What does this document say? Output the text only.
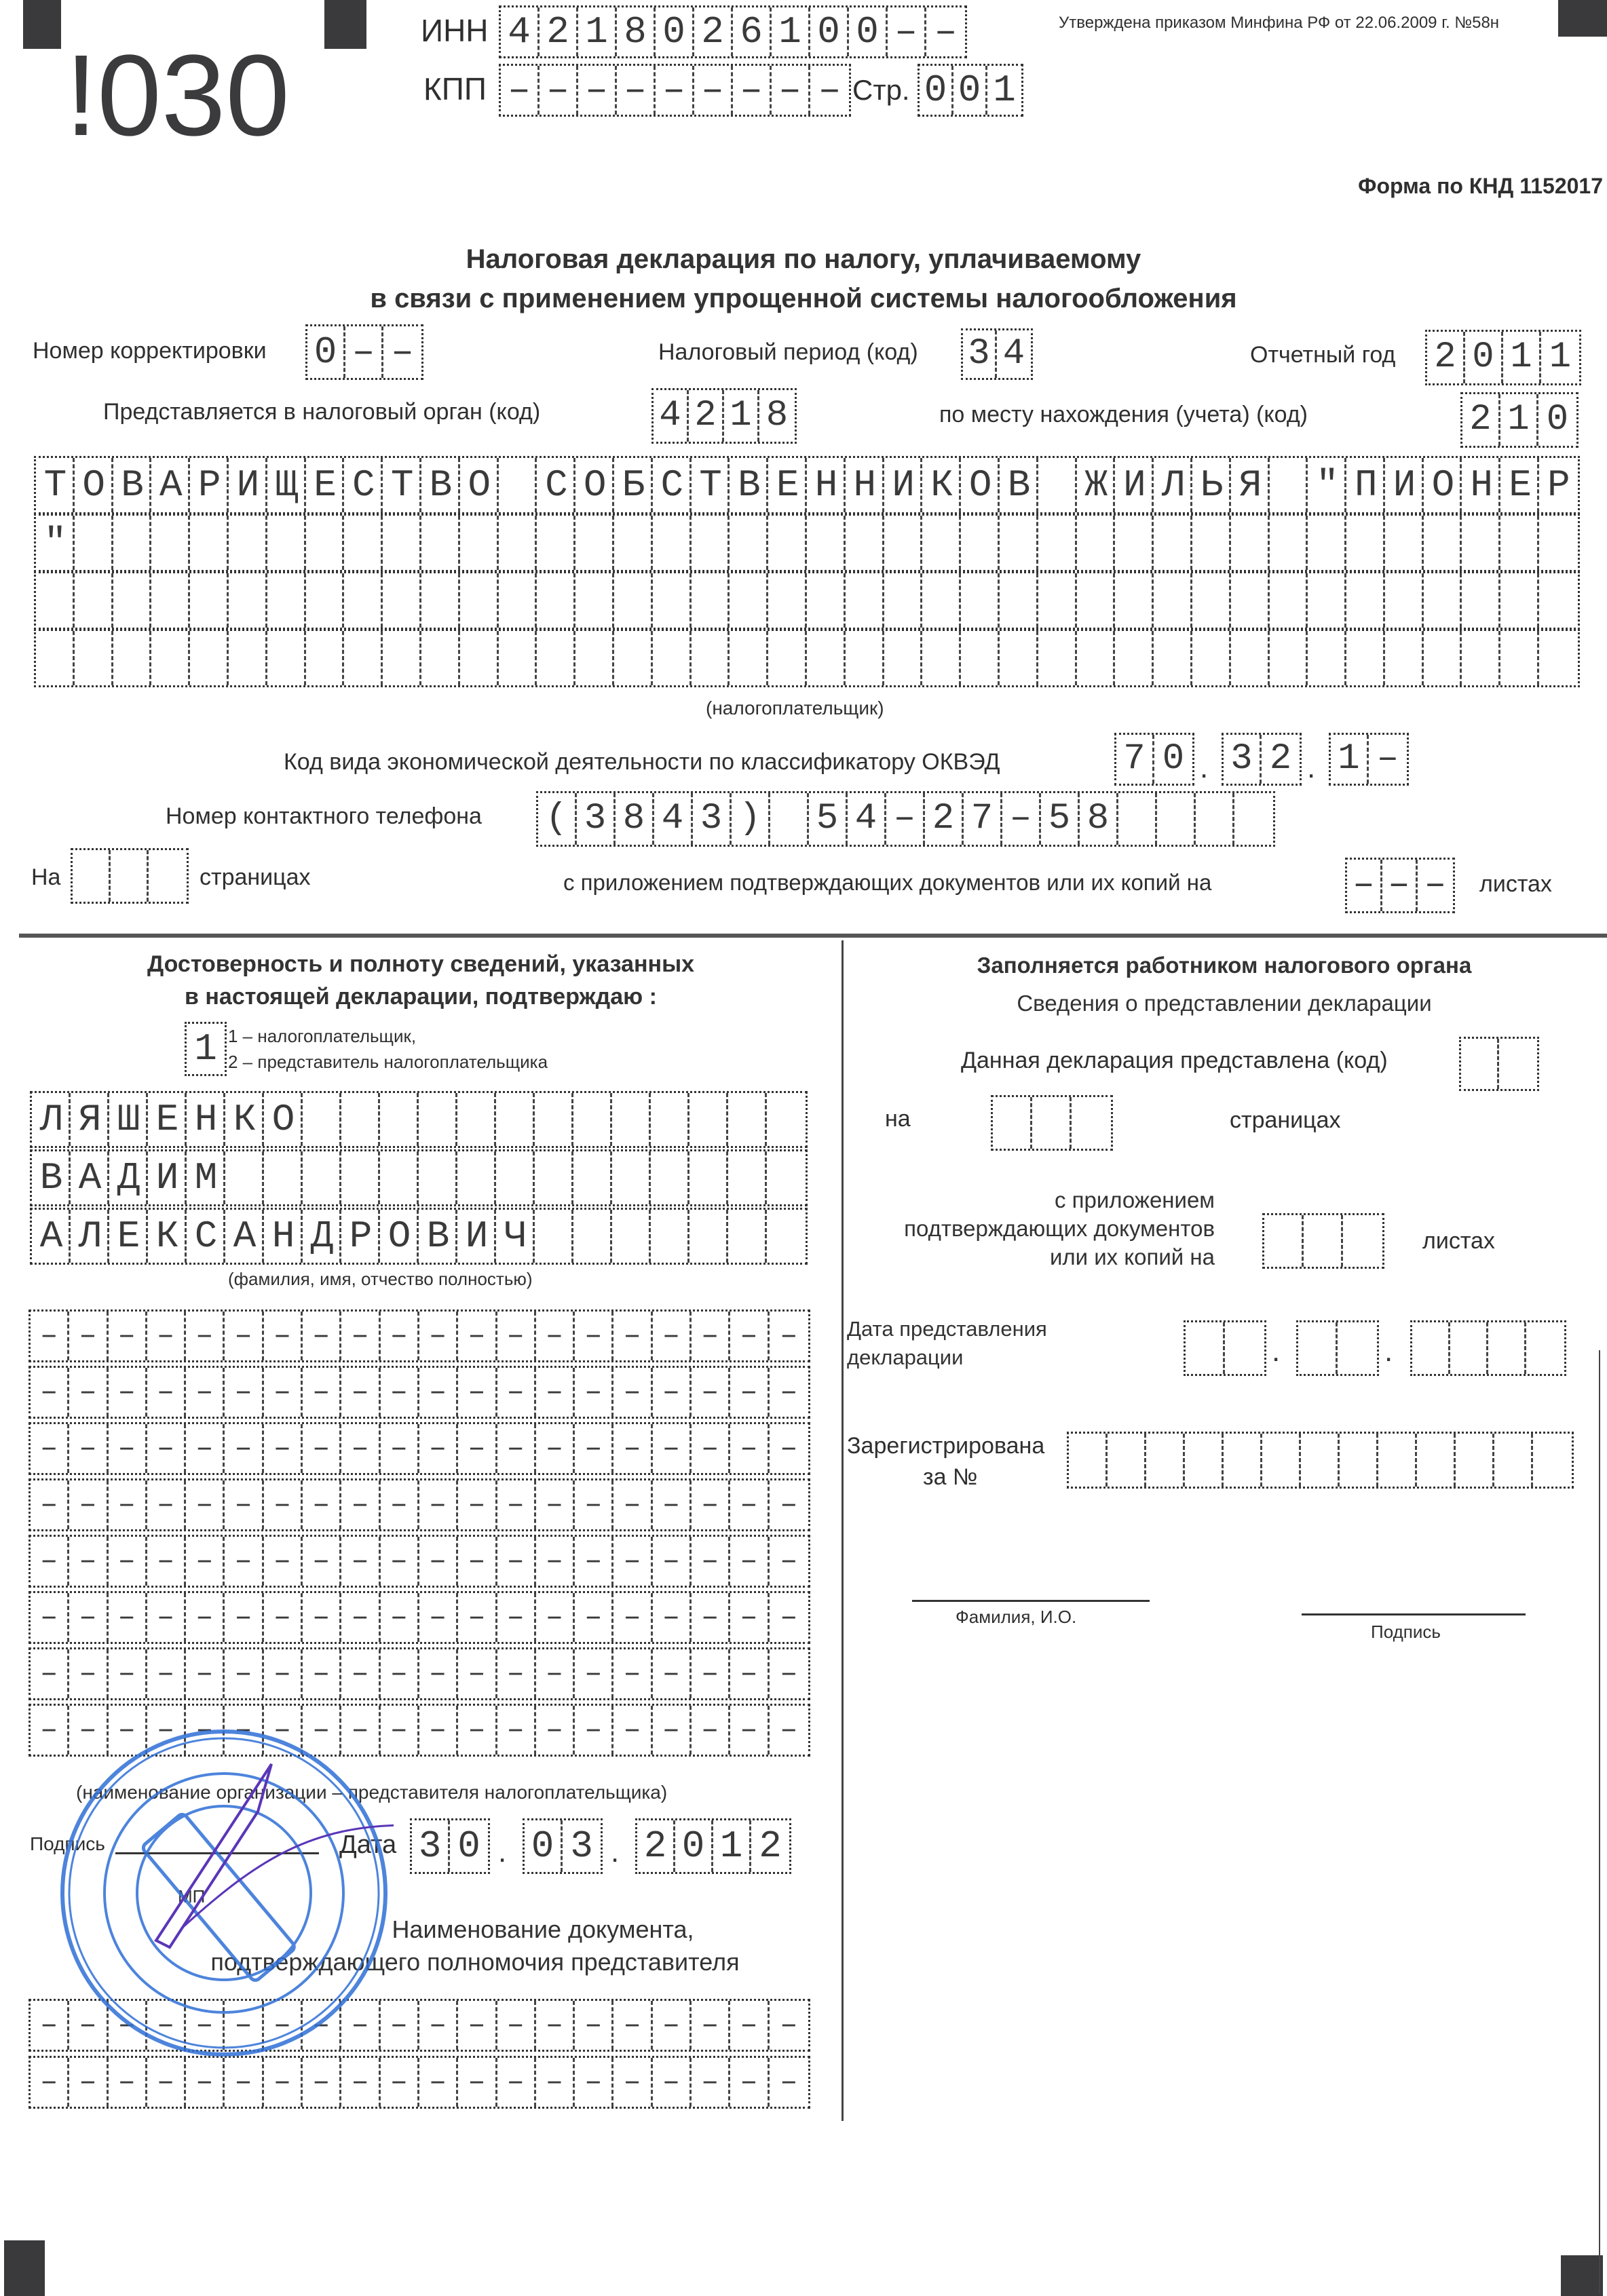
!030
ИНН 4 2 1 8 0 2 6 1 0 0 – –
КПП – – – – – – – – – Стр. 0 0 1
Утверждена приказом Минфина РФ от 22.06.2009 г. №58н
Форма по КНД 1152017
Налоговая декларация по налогу, уплачиваемому
в связи с применением упрощенной системы налогообложения
Номер корректировки 0 – –	Налоговый период (код) 3 4	Отчетный год 2 0 1 1
Представляется в налоговый орган (код)	4 2 1 8	по месту нахождения (учета) (код)	2 1 0
ТОВАРИЩЕСТВО СОБСТВЕННИКОВ ЖИЛЬЯ "ПИОНЕР
"
(налогоплательщик)
Код вида экономической деятельности по классификатору ОКВЭД	7 0 . 3 2 . 1 –
Номер контактного телефона ( 3 8 4 3 ) 5 4 – 2 7 – 5 8
На	страницах	с приложением подтверждающих документов или их копий на	– – – листах
Достоверность и полноту сведений, указанных
в настоящей декларации, подтверждаю :
1 1 – налогоплательщик,
2 – представитель налогоплательщика
ЛЯШЕНКО
ВАДИМ
АЛЕКСАНДРОВИЧ
(фамилия, имя, отчество полностью)
– – – – – – – – – – – – – – – – – – – –
– – – – – – – – – – – – – – – – – – – –
– – – – – – – – – – – – – – – – – – – –
– – – – – – – – – – – – – – – – – – – –
– – – – – – – – – – – – – – – – – – – –
– – – – – – – – – – – – – – – – – – – –
– – – – – – – – – – – – – – – – – – – –
– – – – – – – – – – – – – – – – – – – –
(наименование организации – представителя налогоплательщика)
Подпись	Дата 3 0 . 0 3 . 2 0 1 2
МП
Наименование документа,
подтверждающего полномочия представителя
– – – – – – – – – – – – – – – – – – – –
– – – – – – – – – – – – – – – – – – – –
Заполняется работником налогового органа
Сведения о представлении декларации
Данная декларация представлена (код)
на	страницах
с приложением
подтверждающих документов
или их копий на
листах
Дата представления
декларации	.	.
Зарегистрирована
за №
Фамилия, И.О.
Подпись
